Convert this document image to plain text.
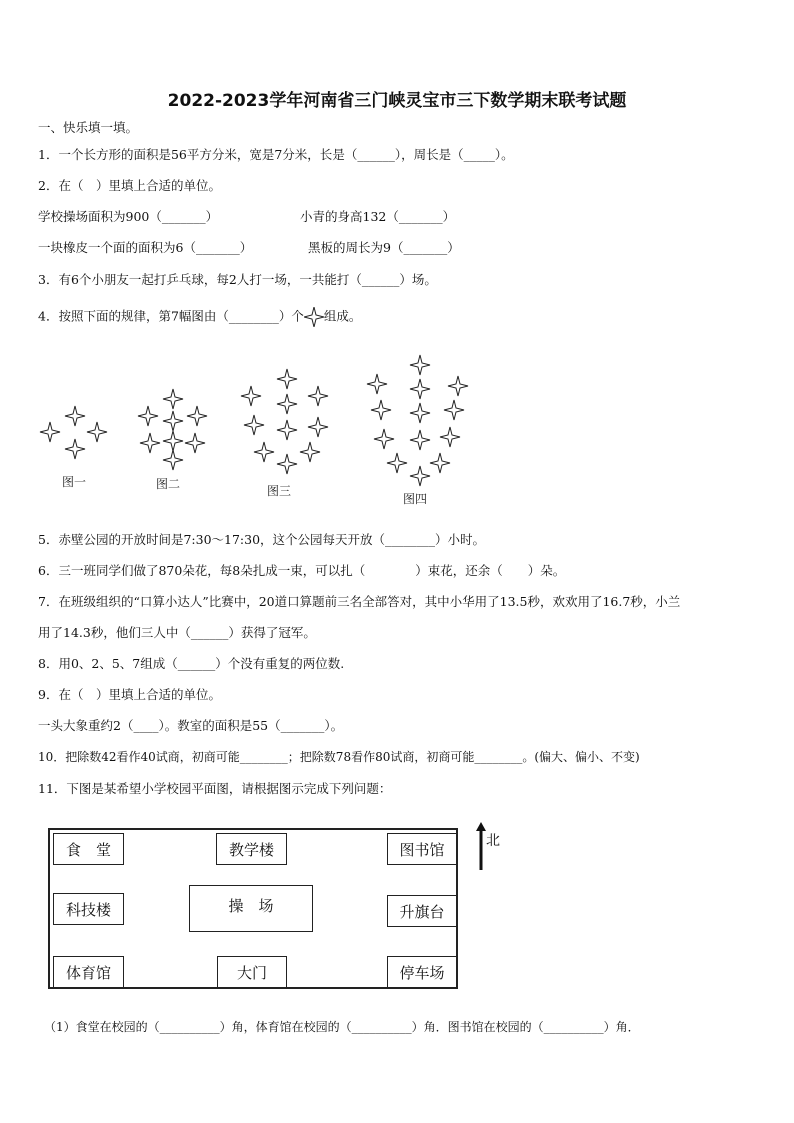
2022-2023学年河南省三门峡灵宝市三下数学期末联考试题
一、快乐填一填。
1．一个长方形的面积是56平方分米，宽是7分米，长是（______），周长是（_____）。
2．在（　）里填上合适的单位。
学校操场面积为900（_______）	小青的身高132（_______）
一块橡皮一个面的面积为6（_______）	黑板的周长为9（_______）
3．有6个小朋友一起打乒乓球，每2人打一场，一共能打（______）场。
4．按照下面的规律，第7幅图由（________）个 组成。
图一	图二	图三
图四
5．赤壁公园的开放时间是7:30～17:30，这个公园每天开放（________）小时。
6．三一班同学们做了870朵花，每8朵扎成一束，可以扎（　　　　）束花，还余（　　）朵。
7．在班级组织的“口算小达人”比赛中，20道口算题前三名全部答对，其中小华用了13.5秒，欢欢用了16.7秒，小兰
用了14.3秒，他们三人中（______）获得了冠军。
8．用0、2、5、7组成（______）个没有重复的两位数.
9．在（　）里填上合适的单位。
一头大象重约2（____）。教室的面积是55（_______）。
10．把除数42看作40试商，初商可能________；把除数78看作80试商，初商可能________。(偏大、偏小、不变)
11．下图是某希望小学校园平面图，请根据图示完成下列问题：
食　堂	教学楼	图书馆
科技楼	操　场	升旗台
体育馆	大门	停车场
北
（1）食堂在校园的（__________）角，体育馆在校园的（__________）角．图书馆在校园的（__________）角．
